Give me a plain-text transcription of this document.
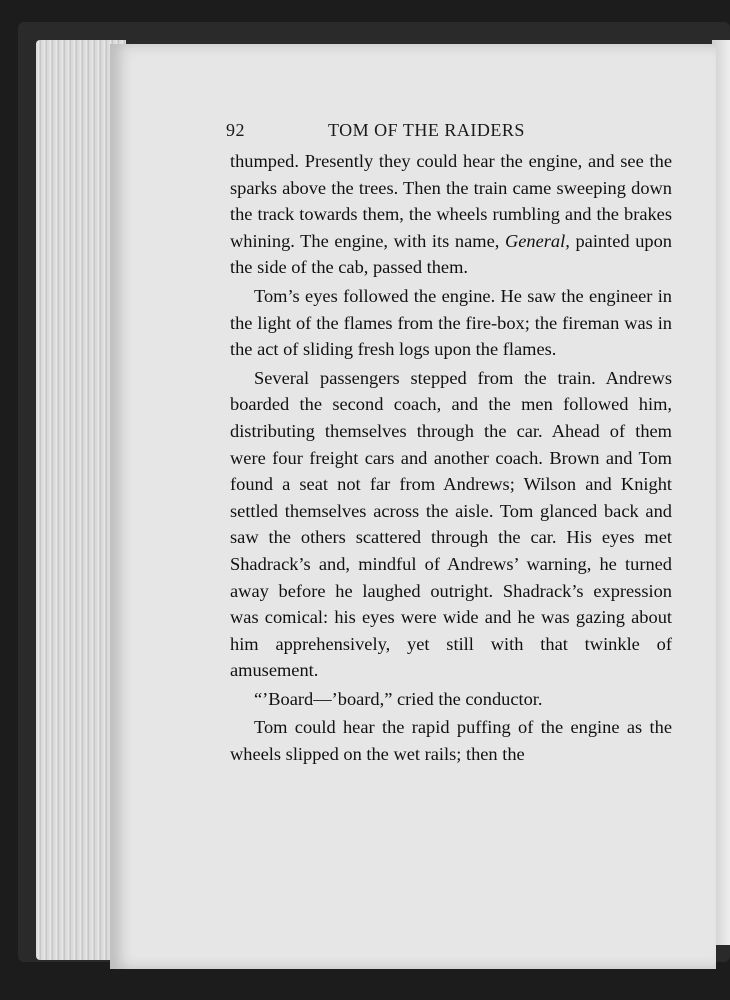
92	TOM OF THE RAIDERS

thumped. Presently they could hear the engine, and see the sparks above the trees. Then the train came sweeping down the track towards them, the wheels rumbling and the brakes whining. The engine, with its name, General, painted upon the side of the cab, passed them.

Tom’s eyes followed the engine. He saw the engineer in the light of the flames from the fire-box; the fireman was in the act of sliding fresh logs upon the flames.

Several passengers stepped from the train. Andrews boarded the second coach, and the men followed him, distributing themselves through the car. Ahead of them were four freight cars and another coach. Brown and Tom found a seat not far from Andrews; Wilson and Knight settled themselves across the aisle. Tom glanced back and saw the others scattered through the car. His eyes met Shadrack’s and, mindful of Andrews’ warning, he turned away before he laughed outright. Shadrack’s expression was comical: his eyes were wide and he was gazing about him apprehensively, yet still with that twinkle of amusement.

“’Board—’board,” cried the conductor.

Tom could hear the rapid puffing of the engine as the wheels slipped on the wet rails; then the
